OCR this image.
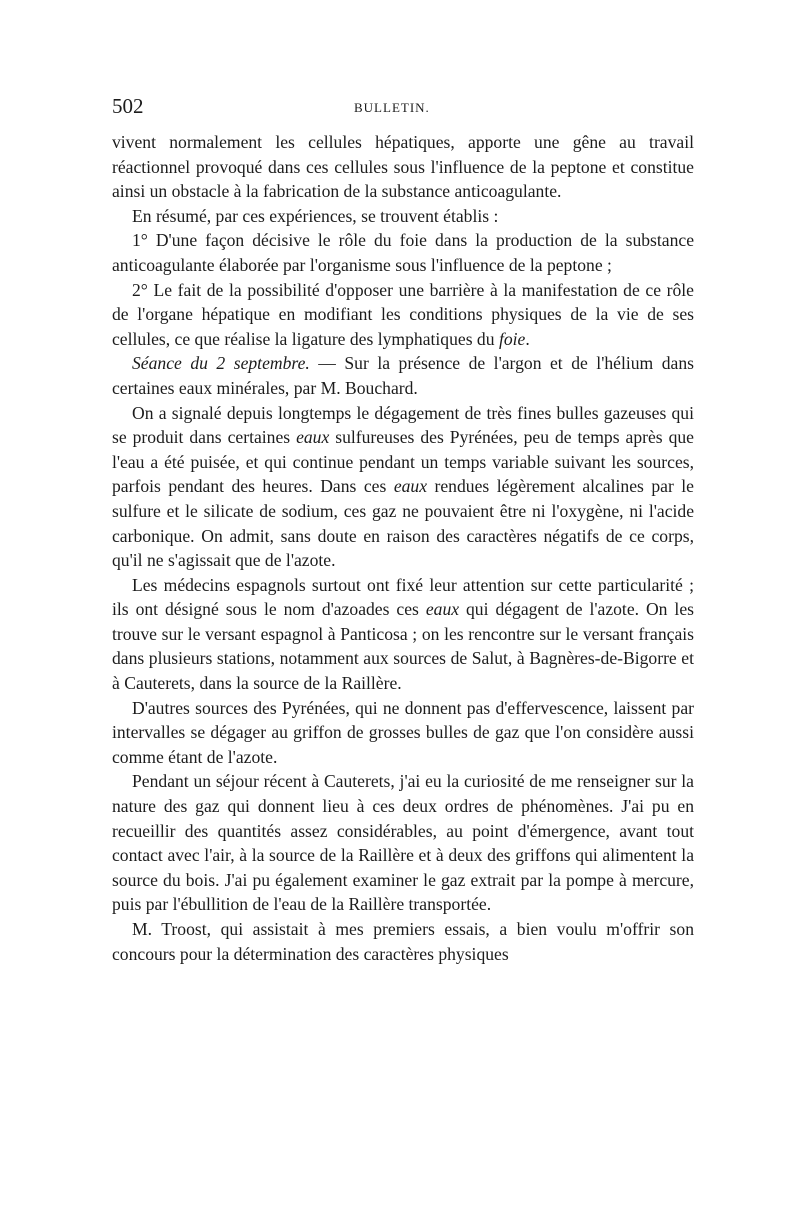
502	BULLETIN.

vivent normalement les cellules hépatiques, apporte une gêne au travail réactionnel provoqué dans ces cellules sous l'influence de la peptone et constitue ainsi un obstacle à la fabrication de la substance anticoagulante.

En résumé, par ces expériences, se trouvent établis :

1° D'une façon décisive le rôle du foie dans la production de la substance anticoagulante élaborée par l'organisme sous l'influence de la peptone ;

2° Le fait de la possibilité d'opposer une barrière à la manifestation de ce rôle de l'organe hépatique en modifiant les conditions physiques de la vie de ses cellules, ce que réalise la ligature des lymphatiques du foie.

Séance du 2 septembre. — Sur la présence de l'argon et de l'hélium dans certaines eaux minérales, par M. Bouchard.

On a signalé depuis longtemps le dégagement de très fines bulles gazeuses qui se produit dans certaines eaux sulfureuses des Pyrénées, peu de temps après que l'eau a été puisée, et qui continue pendant un temps variable suivant les sources, parfois pendant des heures. Dans ces eaux rendues légèrement alcalines par le sulfure et le silicate de sodium, ces gaz ne pouvaient être ni l'oxygène, ni l'acide carbonique. On admit, sans doute en raison des caractères négatifs de ce corps, qu'il ne s'agissait que de l'azote.

Les médecins espagnols surtout ont fixé leur attention sur cette particularité ; ils ont désigné sous le nom d'azoades ces eaux qui dégagent de l'azote. On les trouve sur le versant espagnol à Panticosa ; on les rencontre sur le versant français dans plusieurs stations, notamment aux sources de Salut, à Bagnères-de-Bigorre et à Cauterets, dans la source de la Raillère.

D'autres sources des Pyrénées, qui ne donnent pas d'effervescence, laissent par intervalles se dégager au griffon de grosses bulles de gaz que l'on considère aussi comme étant de l'azote.

Pendant un séjour récent à Cauterets, j'ai eu la curiosité de me renseigner sur la nature des gaz qui donnent lieu à ces deux ordres de phénomènes. J'ai pu en recueillir des quantités assez considérables, au point d'émergence, avant tout contact avec l'air, à la source de la Raillère et à deux des griffons qui alimentent la source du bois. J'ai pu également examiner le gaz extrait par la pompe à mercure, puis par l'ébullition de l'eau de la Raillère transportée.

M. Troost, qui assistait à mes premiers essais, a bien voulu m'offrir son concours pour la détermination des caractères physiques
